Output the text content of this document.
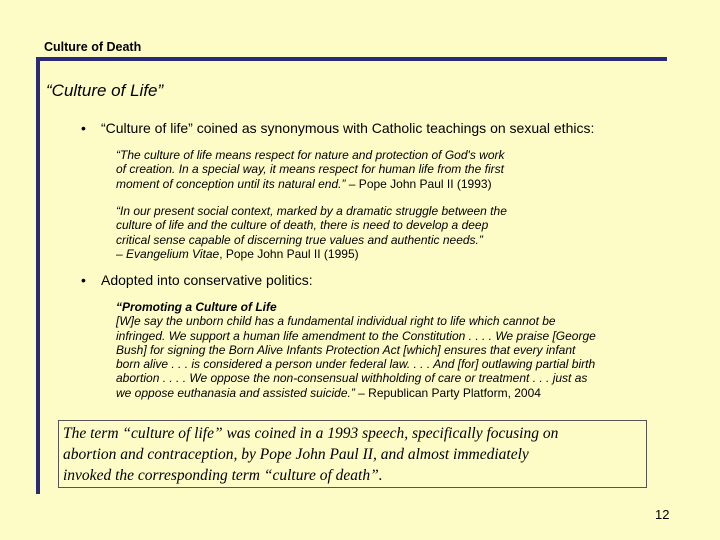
Culture of Death
“Culture of Life”
• “Culture of life” coined as synonymous with Catholic teachings on sexual ethics:
“The culture of life means respect for nature and protection of God's work
of creation. In a special way, it means respect for human life from the first
moment of conception until its natural end.” – Pope John Paul II (1993)
“In our present social context, marked by a dramatic struggle between the
culture of life and the culture of death, there is need to develop a deep
critical sense capable of discerning true values and authentic needs.”
– Evangelium Vitae, Pope John Paul II (1995)
• Adopted into conservative politics:
“Promoting a Culture of Life
[W]e say the unborn child has a fundamental individual right to life which cannot be
infringed. We support a human life amendment to the Constitution . . . . We praise [George
Bush] for signing the Born Alive Infants Protection Act [which] ensures that every infant
born alive . . . is considered a person under federal law. . . . And [for] outlawing partial birth
abortion . . . . We oppose the non-consensual withholding of care or treatment . . . just as
we oppose euthanasia and assisted suicide.” – Republican Party Platform, 2004
The term “culture of life” was coined in a 1993 speech, specifically focusing on
abortion and contraception, by Pope John Paul II, and almost immediately
invoked the corresponding term “culture of death”.
12
